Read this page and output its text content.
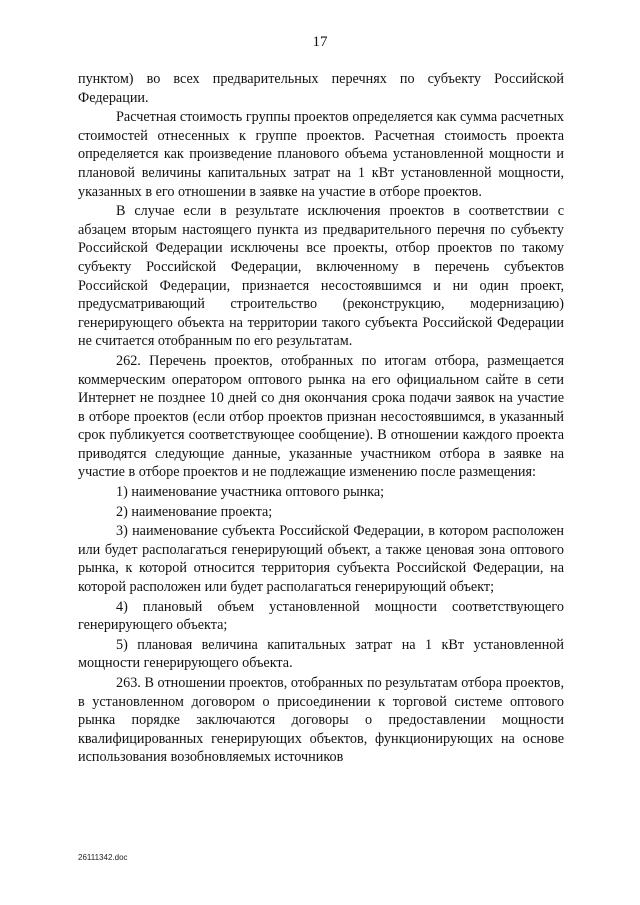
17

пунктом) во всех предварительных перечнях по субъекту Российской Федерации.

Расчетная стоимость группы проектов определяется как сумма расчетных стоимостей отнесенных к группе проектов. Расчетная стоимость проекта определяется как произведение планового объема установленной мощности и плановой величины капитальных затрат на 1 кВт установленной мощности, указанных в его отношении в заявке на участие в отборе проектов.

В случае если в результате исключения проектов в соответствии с абзацем вторым настоящего пункта из предварительного перечня по субъекту Российской Федерации исключены все проекты, отбор проектов по такому субъекту Российской Федерации, включенному в перечень субъектов Российской Федерации, признается несостоявшимся и ни один проект, предусматривающий строительство (реконструкцию, модернизацию) генерирующего объекта на территории такого субъекта Российской Федерации не считается отобранным по его результатам.

262. Перечень проектов, отобранных по итогам отбора, размещается коммерческим оператором оптового рынка на его официальном сайте в сети Интернет не позднее 10 дней со дня окончания срока подачи заявок на участие в отборе проектов (если отбор проектов признан несостоявшимся, в указанный срок публикуется соответствующее сообщение). В отношении каждого проекта приводятся следующие данные, указанные участником отбора в заявке на участие в отборе проектов и не подлежащие изменению после размещения:

1) наименование участника оптового рынка;

2) наименование проекта;

3) наименование субъекта Российской Федерации, в котором расположен или будет располагаться генерирующий объект, а также ценовая зона оптового рынка, к которой относится территория субъекта Российской Федерации, на которой расположен или будет располагаться генерирующий объект;

4) плановый объем установленной мощности соответствующего генерирующего объекта;

5) плановая величина капитальных затрат на 1 кВт установленной мощности генерирующего объекта.

263. В отношении проектов, отобранных по результатам отбора проектов, в установленном договором о присоединении к торговой системе оптового рынка порядке заключаются договоры о предоставлении мощности квалифицированных генерирующих объектов, функционирующих на основе использования возобновляемых источников

26111342.doc
